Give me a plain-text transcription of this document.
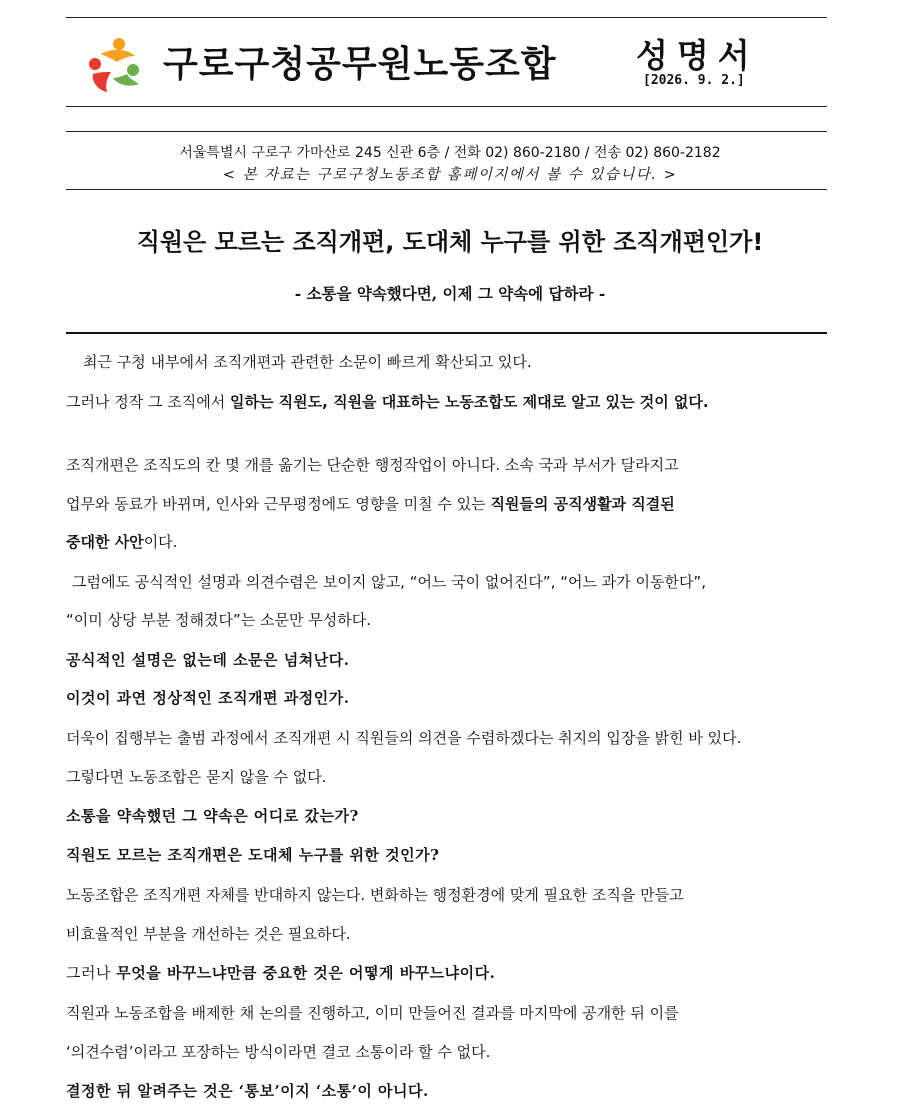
구로구청공무원노동조합 성명서
[2026. 9. 2.]
서울특별시 구로구 가마산로 245 신관 6층 / 전화 02) 860-2180 / 전송 02) 860-2182
< 본 자료는 구로구청노동조합 홈페이지에서 볼 수 있습니다. >
직원은 모르는 조직개편, 도대체 누구를 위한 조직개편인가!
- 소통을 약속했다면, 이제 그 약속에 답하라 -
최근 구청 내부에서 조직개편과 관련한 소문이 빠르게 확산되고 있다.
그러나 정작 그 조직에서 일하는 직원도, 직원을 대표하는 노동조합도 제대로 알고 있는 것이 없다.
조직개편은 조직도의 칸 몇 개를 옮기는 단순한 행정작업이 아니다. 소속 국과 부서가 달라지고
업무와 동료가 바뀌며, 인사와 근무평정에도 영향을 미칠 수 있는 직원들의 공직생활과 직결된
중대한 사안이다.
그럼에도 공식적인 설명과 의견수렴은 보이지 않고, “어느 국이 없어진다”, “어느 과가 이동한다”,
“이미 상당 부분 정해졌다”는 소문만 무성하다.
공식적인 설명은 없는데 소문은 넘쳐난다.
이것이 과연 정상적인 조직개편 과정인가.
더욱이 집행부는 출범 과정에서 조직개편 시 직원들의 의견을 수렴하겠다는 취지의 입장을 밝힌 바 있다.
그렇다면 노동조합은 묻지 않을 수 없다.
소통을 약속했던 그 약속은 어디로 갔는가?
직원도 모르는 조직개편은 도대체 누구를 위한 것인가?
노동조합은 조직개편 자체를 반대하지 않는다. 변화하는 행정환경에 맞게 필요한 조직을 만들고
비효율적인 부분을 개선하는 것은 필요하다.
그러나 무엇을 바꾸느냐만큼 중요한 것은 어떻게 바꾸느냐이다.
직원과 노동조합을 배제한 채 논의를 진행하고, 이미 만들어진 결과를 마지막에 공개한 뒤 이를
‘의견수렴’이라고 포장하는 방식이라면 결코 소통이라 할 수 없다.
결정한 뒤 알려주는 것은 ‘통보’이지 ‘소통’이 아니다.
